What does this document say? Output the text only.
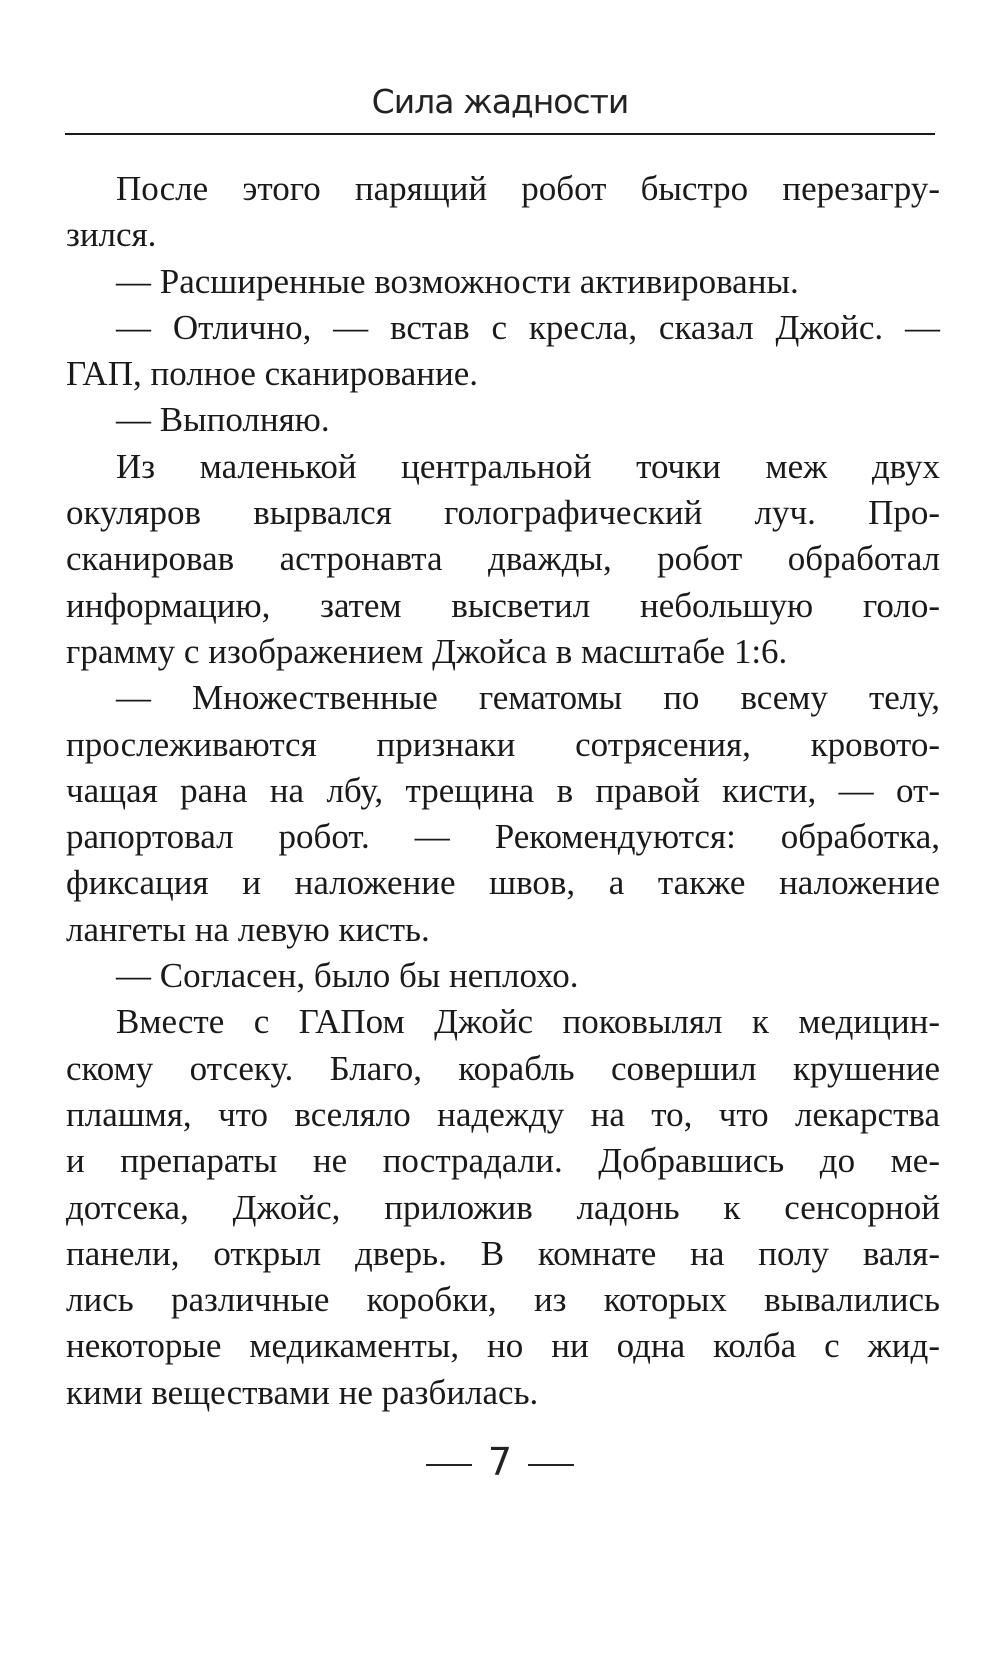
Сила жадности
После этого парящий робот быстро перезагру-
зился.
— Расширенные возможности активированы.
— Отлично, — встав с кресла, сказал Джойс. —
ГАП, полное сканирование.
— Выполняю.
Из маленькой центральной точки меж двух
окуляров вырвался голографический луч. Про-
сканировав астронавта дважды, робот обработал
информацию, затем высветил небольшую голо-
грамму с изображением Джойса в масштабе 1:6.
— Множественные гематомы по всему телу,
прослеживаются признаки сотрясения, кровото-
чащая рана на лбу, трещина в правой кисти, — от-
рапортовал робот. — Рекомендуются: обработка,
фиксация и наложение швов, а также наложение
лангеты на левую кисть.
— Согласен, было бы неплохо.
Вместе с ГАПом Джойс поковылял к медицин-
скому отсеку. Благо, корабль совершил крушение
плашмя, что вселяло надежду на то, что лекарства
и препараты не пострадали. Добравшись до ме-
дотсека, Джойс, приложив ладонь к сенсорной
панели, открыл дверь. В комнате на полу валя-
лись различные коробки, из которых вывалились
некоторые медикаменты, но ни одна колба с жид-
кими веществами не разбилась.
7
